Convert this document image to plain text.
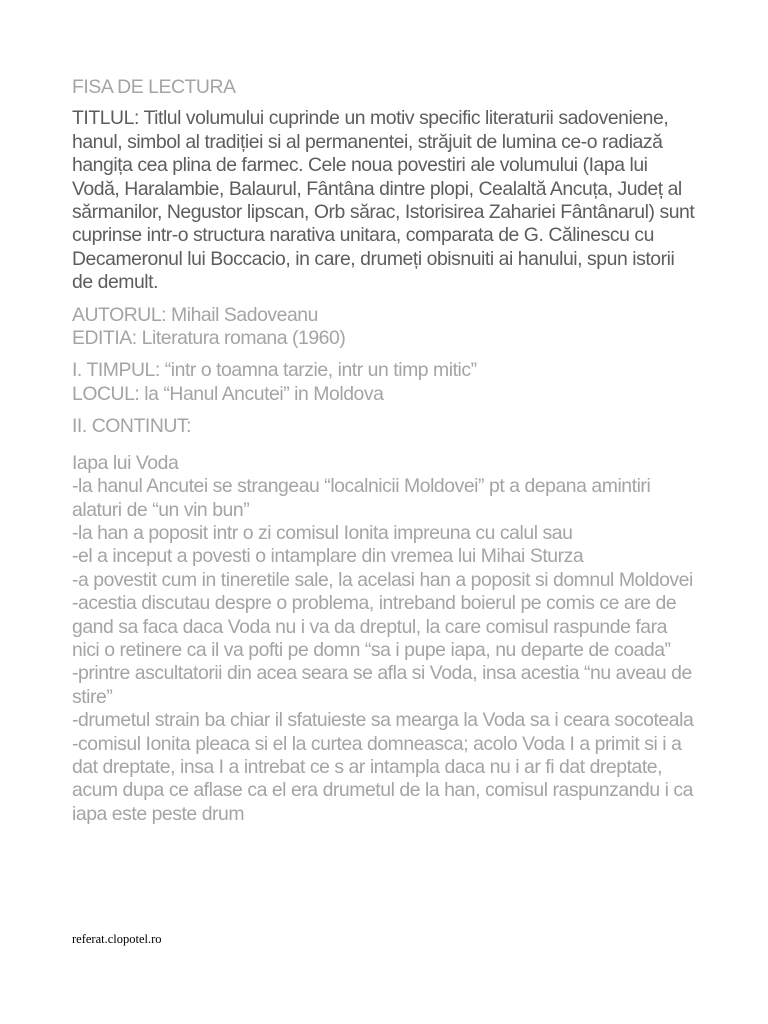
FISA DE LECTURA
TITLUL: Titlul volumului cuprinde un motiv specific literaturii sadoveniene, hanul, simbol al tradiției si al permanentei, străjuit de lumina ce-o radiază hangița cea plina de farmec. Cele noua povestiri ale volumului (Iapa lui Vodă, Haralambie, Balaurul, Fântâna dintre plopi, Cealaltă Ancuța, Județ al sărmanilor, Negustor lipscan, Orb sărac, Istorisirea Zahariei Fântânarul) sunt cuprinse intr-o structura narativa unitara, comparata de G. Călinescu cu Decameronul lui Boccacio, in care, drumeți obisnuiti ai hanului, spun istorii de demult.
AUTORUL: Mihail Sadoveanu
EDITIA: Literatura romana (1960)
I. TIMPUL: “intr o toamna tarzie, intr un timp mitic”
LOCUL: la “Hanul Ancutei” in Moldova
II. CONTINUT:
Iapa lui Voda
-la hanul Ancutei se strangeau “localnicii Moldovei” pt a depana amintiri alaturi de “un vin bun”
-la han a poposit intr o zi comisul Ionita impreuna cu calul sau
-el a inceput a povesti o intamplare din vremea lui Mihai Sturza
-a povestit cum in tineretile sale, la acelasi han a poposit si domnul Moldovei
-acestia discutau despre o problema, intreband boierul pe comis ce are de gand sa faca daca Voda nu i va da dreptul, la care comisul raspunde fara nici o retinere ca il va pofti pe domn “sa i pupe iapa, nu departe de coada”
-printre ascultatorii din acea seara se afla si Voda, insa acestia “nu aveau de stire”
-drumetul strain ba chiar il sfatuieste sa mearga la Voda sa i ceara socoteala
-comisul Ionita pleaca si el la curtea domneasca; acolo Voda I a primit si i a dat dreptate, insa I a intrebat ce s ar intampla daca nu i ar fi dat dreptate, acum dupa ce aflase ca el era drumetul de la han, comisul raspunzandu i ca iapa este peste drum
referat.clopotel.ro
